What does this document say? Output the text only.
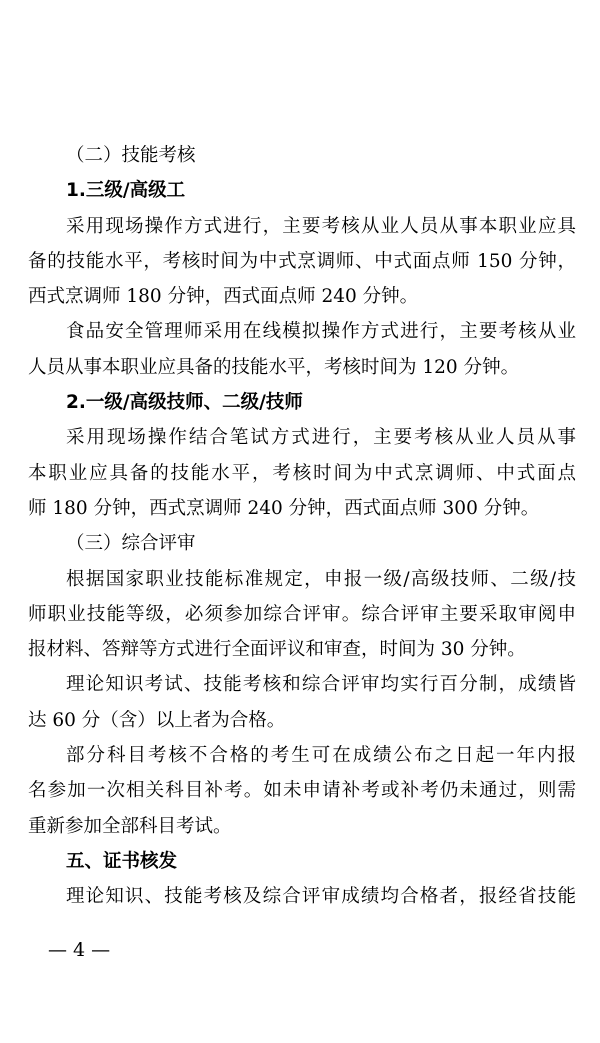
（二）技能考核
1.三级/高级工
采用现场操作方式进行，主要考核从业人员从事本职业应具
备的技能水平，考核时间为中式烹调师、中式面点师 150 分钟，
西式烹调师 180 分钟，西式面点师 240 分钟。
食品安全管理师采用在线模拟操作方式进行，主要考核从业
人员从事本职业应具备的技能水平，考核时间为 120 分钟。
2.一级/高级技师、二级/技师
采用现场操作结合笔试方式进行，主要考核从业人员从事
本职业应具备的技能水平，考核时间为中式烹调师、中式面点
师 180 分钟，西式烹调师 240 分钟，西式面点师 300 分钟。
（三）综合评审
根据国家职业技能标准规定，申报一级/高级技师、二级/技
师职业技能等级，必须参加综合评审。综合评审主要采取审阅申
报材料、答辩等方式进行全面评议和审查，时间为 30 分钟。
理论知识考试、技能考核和综合评审均实行百分制，成绩皆
达 60 分（含）以上者为合格。
部分科目考核不合格的考生可在成绩公布之日起一年内报
名参加一次相关科目补考。如未申请补考或补考仍未通过，则需
重新参加全部科目考试。
五、证书核发
理论知识、技能考核及综合评审成绩均合格者，报经省技能
— 4 —
